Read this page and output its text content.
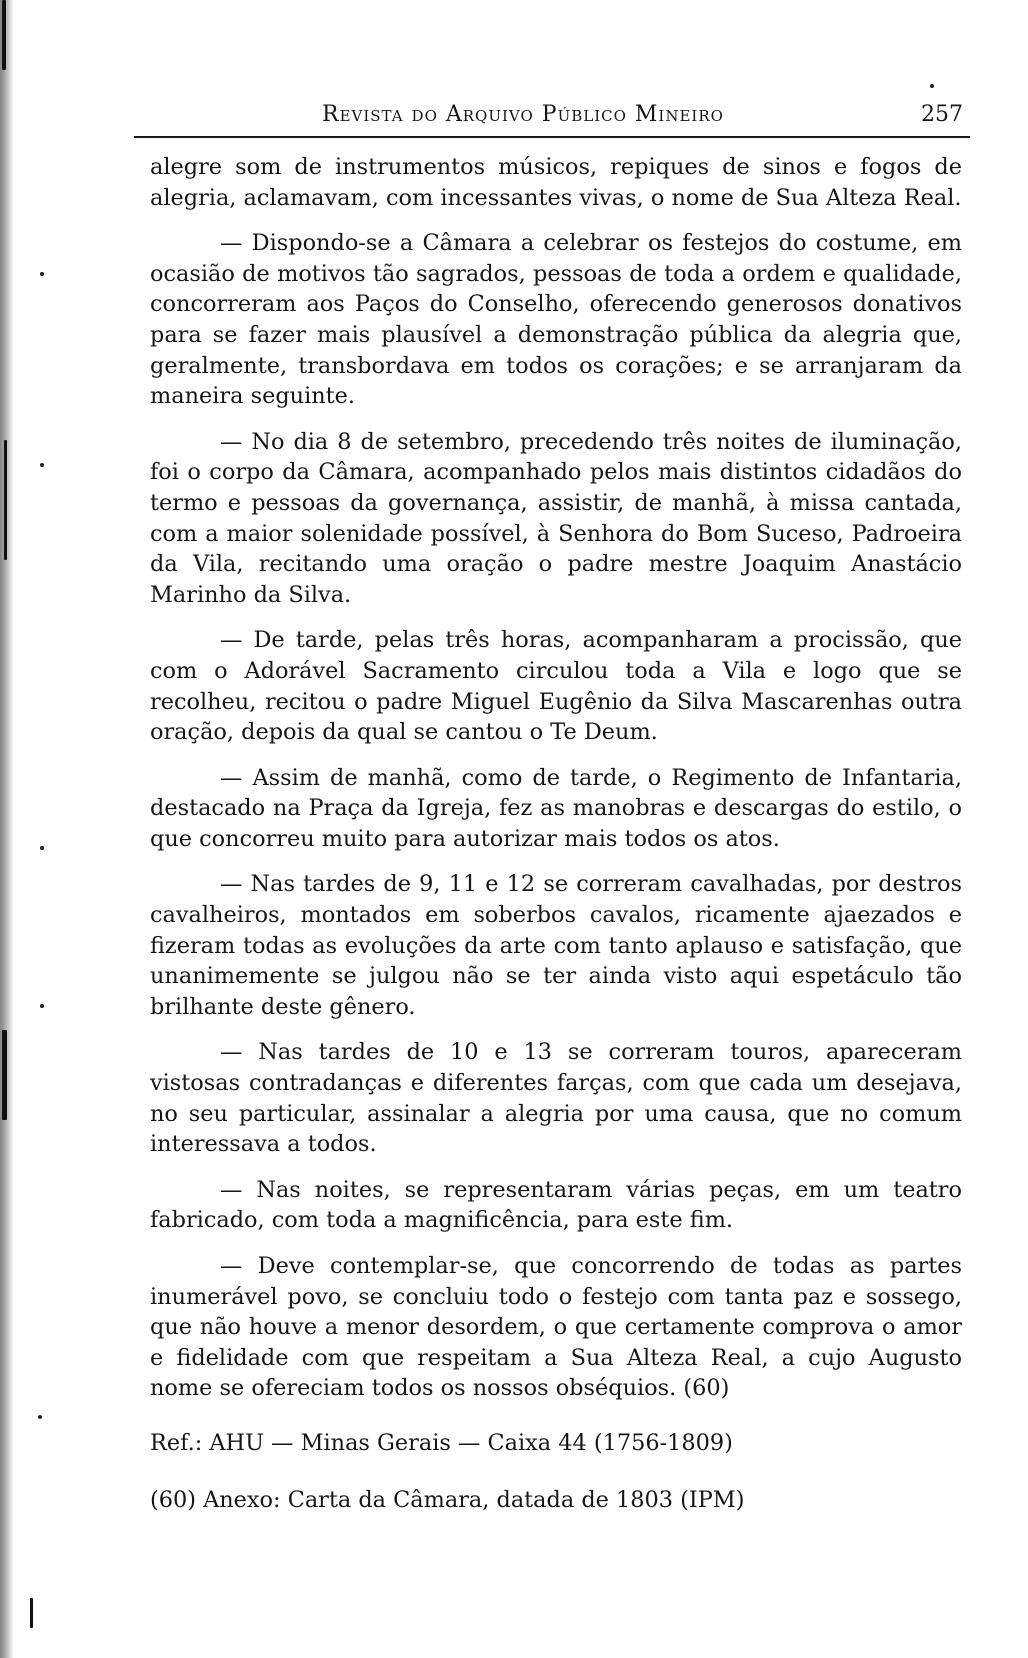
Revista do Arquivo Público Mineiro	257

alegre som de instrumentos músicos, repiques de sinos e fogos de alegria, aclamavam, com incessantes vivas, o nome de Sua Alteza Real.

— Dispondo-se a Câmara a celebrar os festejos do costume, em ocasião de motivos tão sagrados, pessoas de toda a ordem e qualidade, concorreram aos Paços do Conselho, oferecendo generosos donativos para se fazer mais plausível a demonstração pública da alegria que, geralmente, transbordava em todos os corações; e se arranjaram da maneira seguinte.

— No dia 8 de setembro, precedendo três noites de iluminação, foi o corpo da Câmara, acompanhado pelos mais distintos cidadãos do termo e pessoas da governança, assistir, de manhã, à missa cantada, com a maior solenidade possível, à Senhora do Bom Suceso, Padroeira da Vila, recitando uma oração o padre mestre Joaquim Anastácio Marinho da Silva.

— De tarde, pelas três horas, acompanharam a procissão, que com o Adorável Sacramento circulou toda a Vila e logo que se recolheu, recitou o padre Miguel Eugênio da Silva Mascarenhas outra oração, depois da qual se cantou o Te Deum.

— Assim de manhã, como de tarde, o Regimento de Infantaria, destacado na Praça da Igreja, fez as manobras e descargas do estilo, o que concorreu muito para autorizar mais todos os atos.

— Nas tardes de 9, 11 e 12 se correram cavalhadas, por destros cavalheiros, montados em soberbos cavalos, ricamente ajaezados e fizeram todas as evoluções da arte com tanto aplauso e satisfação, que unanimemente se julgou não se ter ainda visto aqui espetáculo tão brilhante deste gênero.

— Nas tardes de 10 e 13 se correram touros, apareceram vistosas contradanças e diferentes farças, com que cada um desejava, no seu particular, assinalar a alegria por uma causa, que no comum interessava a todos.

— Nas noites, se representaram várias peças, em um teatro fabricado, com toda a magnificência, para este fim.

— Deve contemplar-se, que concorrendo de todas as partes inumerável povo, se concluiu todo o festejo com tanta paz e sossego, que não houve a menor desordem, o que certamente comprova o amor e fidelidade com que respeitam a Sua Alteza Real, a cujo Augusto nome se ofereciam todos os nossos obséquios. (60)

Ref.: AHU — Minas Gerais — Caixa 44 (1756-1809)

(60) Anexo: Carta da Câmara, datada de 1803 (IPM)
